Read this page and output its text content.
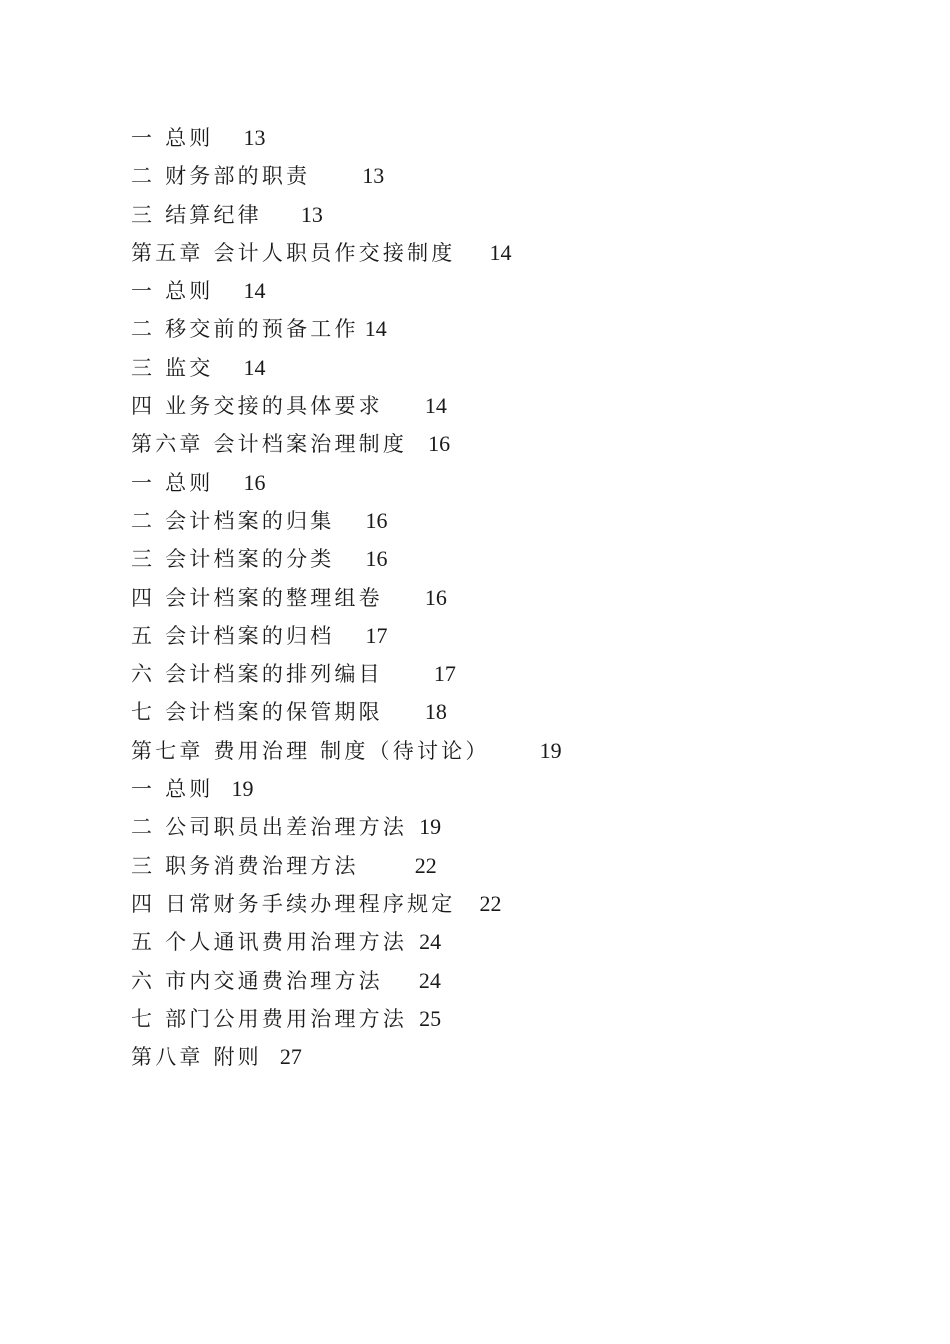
一 总则 13
二 财务部的职责 13
三 结算纪律 13
第五章 会计人职员作交接制度 14
一 总则 14
二 移交前的预备工作 14
三 监交 14
四 业务交接的具体要求 14
第六章 会计档案治理制度 16
一 总则 16
二 会计档案的归集 16
三 会计档案的分类 16
四 会计档案的整理组卷 16
五 会计档案的归档 17
六 会计档案的排列编目 17
七 会计档案的保管期限 18
第七章 费用治理 制度（待讨论） 19
一 总则 19
二 公司职员出差治理方法 19
三 职务消费治理方法	22
四 日常财务手续办理程序规定 22
五 个人通讯费用治理方法 24
六 市内交通费治理方法 24
七 部门公用费用治理方法 25
第八章 附则 27
